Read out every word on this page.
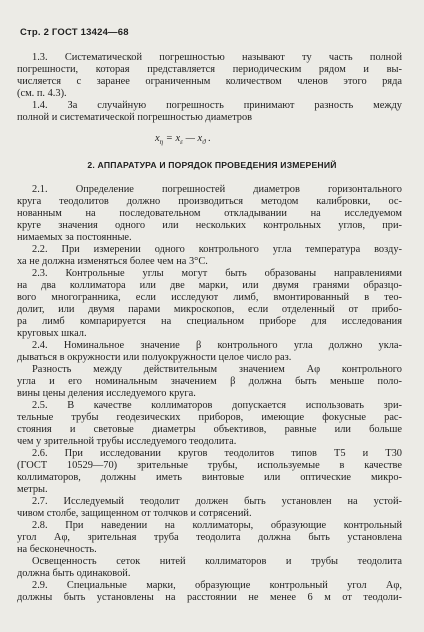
Стр. 2 ГОСТ 13424—68
1.3. Систематической погрешностью называют ту часть полной
погрешности, которая представляется периодическим рядом и вы-
числяется с заранее ограниченным количеством членов этого ряда
(см. п. 4.3).
1.4. За случайную погрешность принимают разность между
полной и систематической погрешностью диаметров
2.1. Определение погрешностей диаметров горизонтального
круга теодолитов должно производиться методом калибровки, ос-
нованным на последовательном откладывании на исследуемом
круге значения одного или нескольких контрольных углов, при-
нимаемых за постоянные.
2.2. При измерении одного контрольного угла температура возду-
ха не должна изменяться более чем на 3°С.
2.3. Контрольные углы могут быть образованы направлениями
на два коллиматора или две марки, или двумя гранями образцо-
вого многогранника, если исследуют лимб, вмонтированный в тео-
долит, или двумя парами микроскопов, если отделенный от прибо-
ра лимб компарируется на специальном приборе для исследования
круговых шкал.
2.4. Номинальное значение β контрольного угла должно укла-
дываться в окружности или полуокружности целое число раз.
Разность между действительным значением Aφ контрольного
угла и его номинальным значением β должна быть меньше поло-
вины цены деления исследуемого круга.
2.5. В качестве коллиматоров допускается использовать зри-
тельные трубы геодезических приборов, имеющие фокусные рас-
стояния и световые диаметры объективов, равные или больше
чем у зрительной трубы исследуемого теодолита.
2.6. При исследовании кругов теодолитов типов Т5 и Т30
(ГОСТ 10529—70) зрительные трубы, используемые в качестве
коллиматоров, должны иметь винтовые или оптические микро-
метры.
2.7. Исследуемый теодолит должен быть установлен на устой-
чивом столбе, защищенном от толчков и сотрясений.
2.8. При наведении на коллиматоры, образующие контрольный
угол Aφ, зрительная труба теодолита должна быть установлена
на бесконечность.
Освещенность сеток нитей коллиматоров и трубы теодолита
должна быть одинаковой.
2.9. Специальные марки, образующие контрольный угол Aφ,
должны быть установлены на расстоянии не менее 6 м от теодоли-
$x_\eta = x_\varepsilon$ — $x_ϑ$ .
2. АППАРАТУРА И ПОРЯДОК ПРОВЕДЕНИЯ ИЗМЕРЕНИЙ
